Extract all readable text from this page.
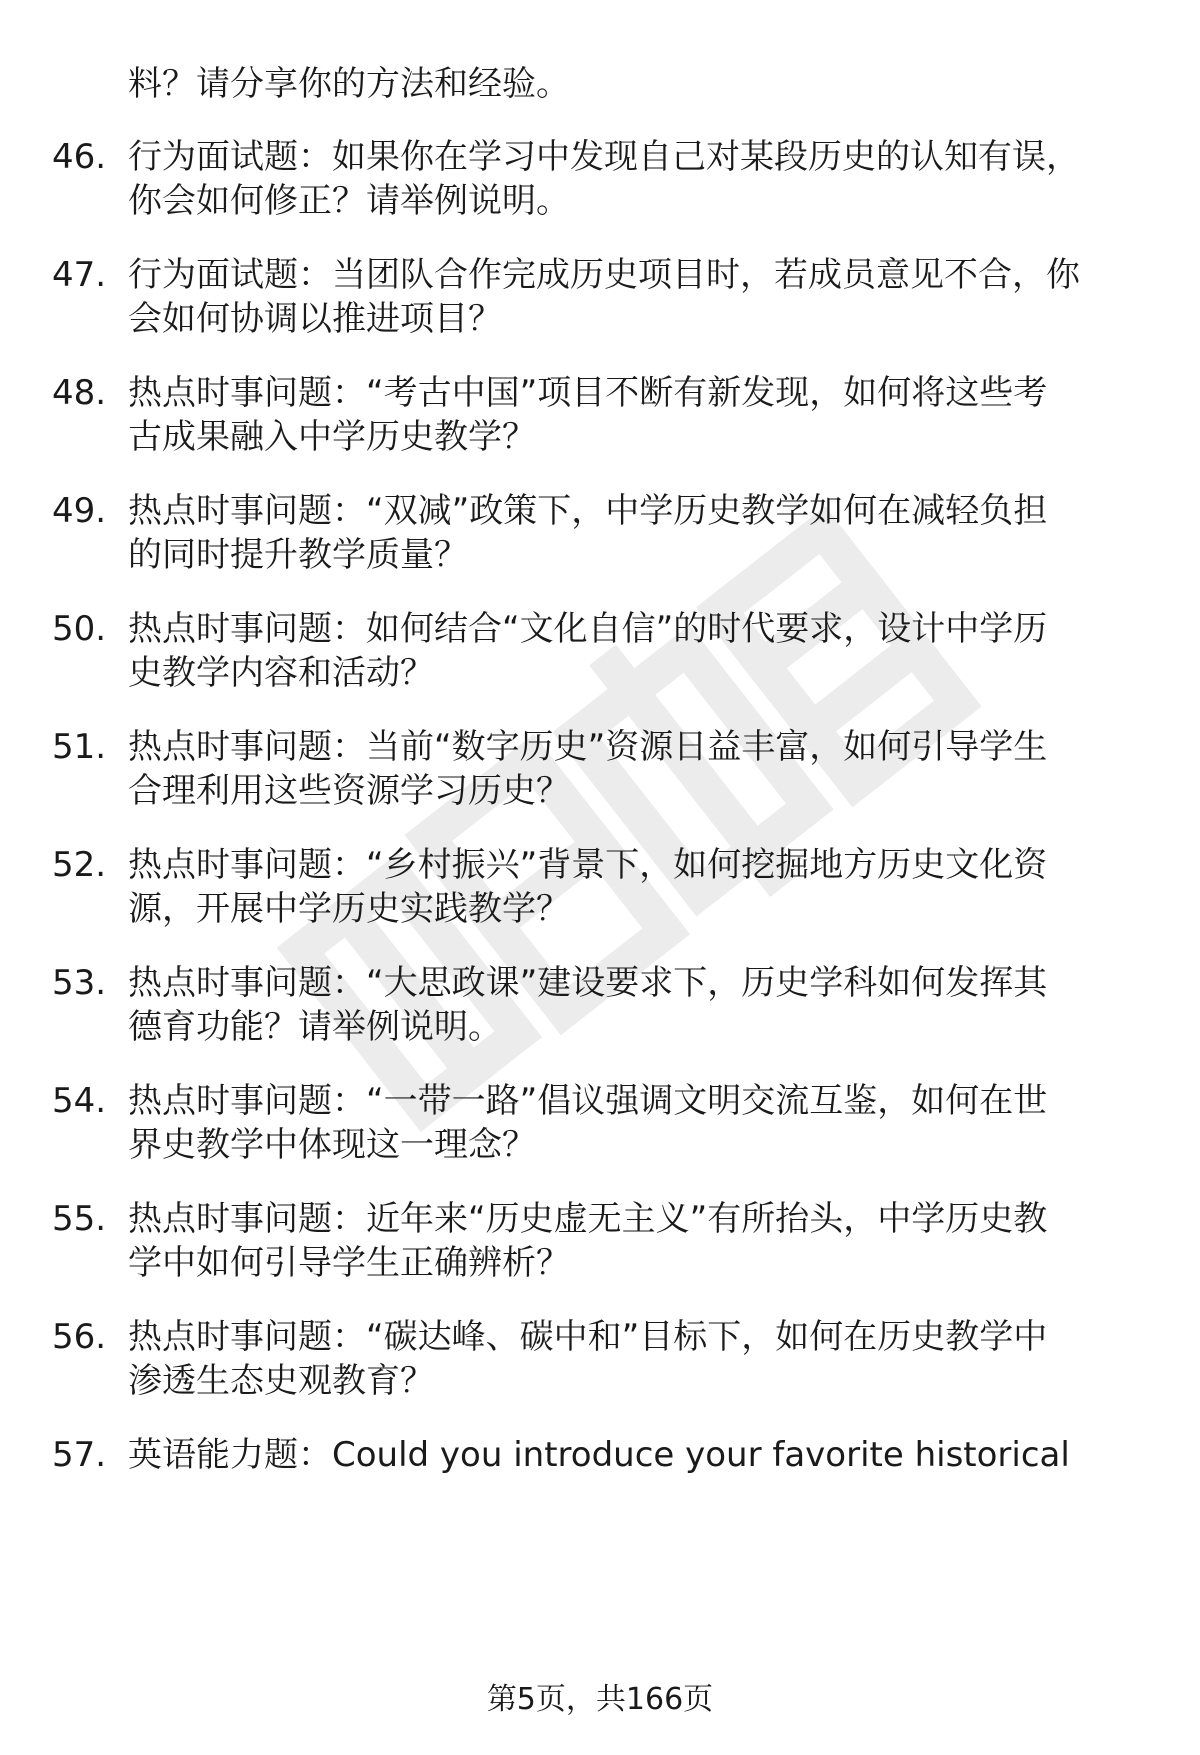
料？请分享你的方法和经验。
46. 行为面试题：如果你在学习中发现自己对某段历史的认知有误，
你会如何修正？请举例说明。
47. 行为面试题：当团队合作完成历史项目时，若成员意见不合，你
会如何协调以推进项目？
48. 热点时事问题：“考古中国”项目不断有新发现，如何将这些考
古成果融入中学历史教学？
49. 热点时事问题：“双减”政策下，中学历史教学如何在减轻负担
的同时提升教学质量？
50. 热点时事问题：如何结合“文化自信”的时代要求，设计中学历
史教学内容和活动？
51. 热点时事问题：当前“数字历史”资源日益丰富，如何引导学生
合理利用这些资源学习历史？
52. 热点时事问题：“乡村振兴”背景下，如何挖掘地方历史文化资
源，开展中学历史实践教学？
53. 热点时事问题：“大思政课”建设要求下，历史学科如何发挥其
德育功能？请举例说明。
54. 热点时事问题：“一带一路”倡议强调文明交流互鉴，如何在世
界史教学中体现这一理念？
55. 热点时事问题：近年来“历史虚无主义”有所抬头，中学历史教
学中如何引导学生正确辨析？
56. 热点时事问题：“碳达峰、碳中和”目标下，如何在历史教学中
渗透生态史观教育？
57. 英语能力题：Could you introduce your favorite historical
第5页，共166页
